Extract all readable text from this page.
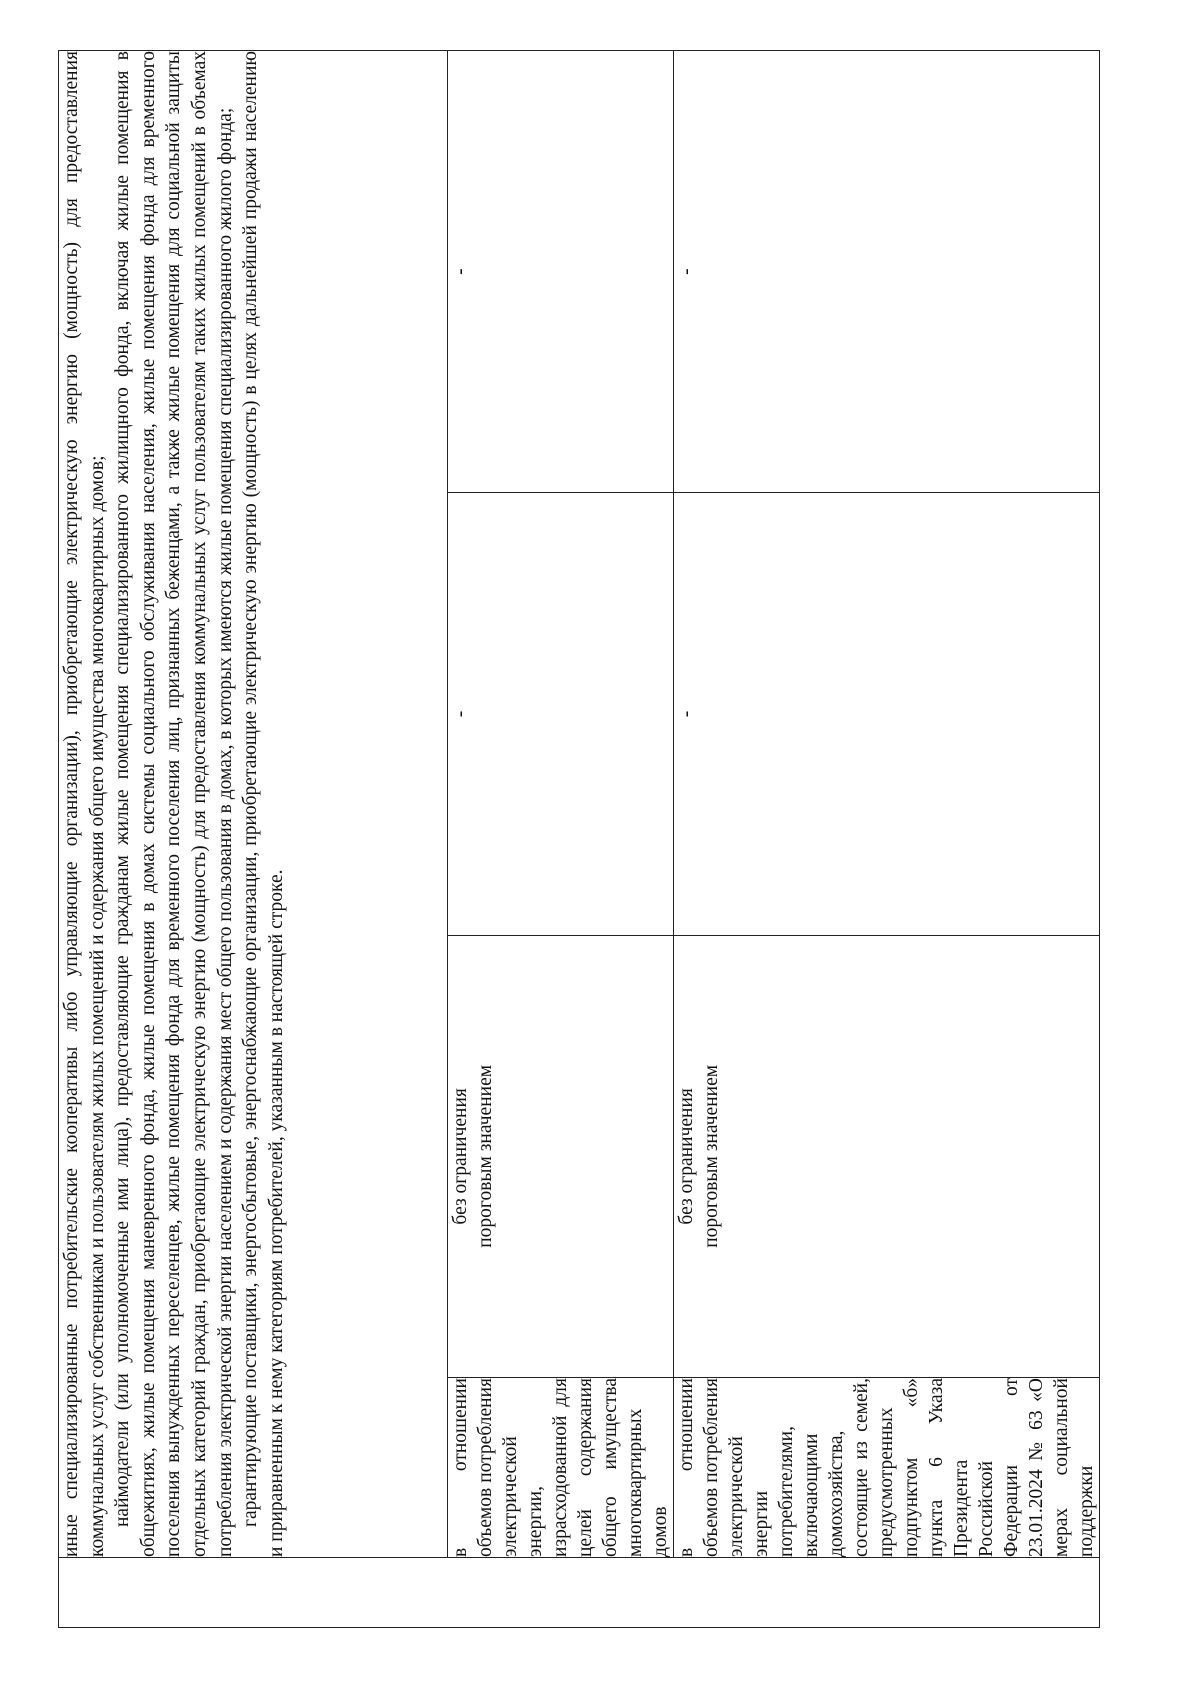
	иные специализированные потребительские кооперативы либо управляющие организации), приобретающие электрическую энергию (мощность) для предоставления коммунальных услуг собственникам и пользователям жилых помещений и содержания общего имущества многоквартирных домов; наймодатели (или уполномоченные ими лица), предоставляющие гражданам жилые помещения специализированного жилищного фонда, включая жилые помещения в общежитиях, жилые помещения маневренного фонда, жилые помещения в домах системы социального обслуживания населения, жилые помещения фонда для временного поселения вынужденных переселенцев, жилые помещения фонда для временного поселения лиц, признанных беженцами, а также жилые помещения для социальной защиты отдельных категорий граждан, приобретающие электрическую энергию (мощность) для предоставления коммунальных услуг пользователям таких жилых помещений в объемах потребления электрической энергии населением и содержания мест общего пользования в домах, в которых имеются жилые помещения специализированного жилого фонда; гарантирующие поставщики, энергосбытовые, энергоснабжающие организации, приобретающие электрическую энергию (мощность) в целях дальнейшей продажи населению и приравненным к нему категориям потребителей, указанным в настоящей строке.			

	в отношении объемов потребления электрической энергии, израсходованной для целей содержания общего имущества многоквартирных домов	без ограничения пороговым значением	-	-
	в отношении объемов потребления электрической энергии потребителями, включающими домохозяйства, состоящие из семей, предусмотренных подпунктом «б» пункта 6 Указа Президента Российской Федерации от 23.01.2024 № 63 «О мерах социальной поддержки	без ограничения пороговым значением	-	-
